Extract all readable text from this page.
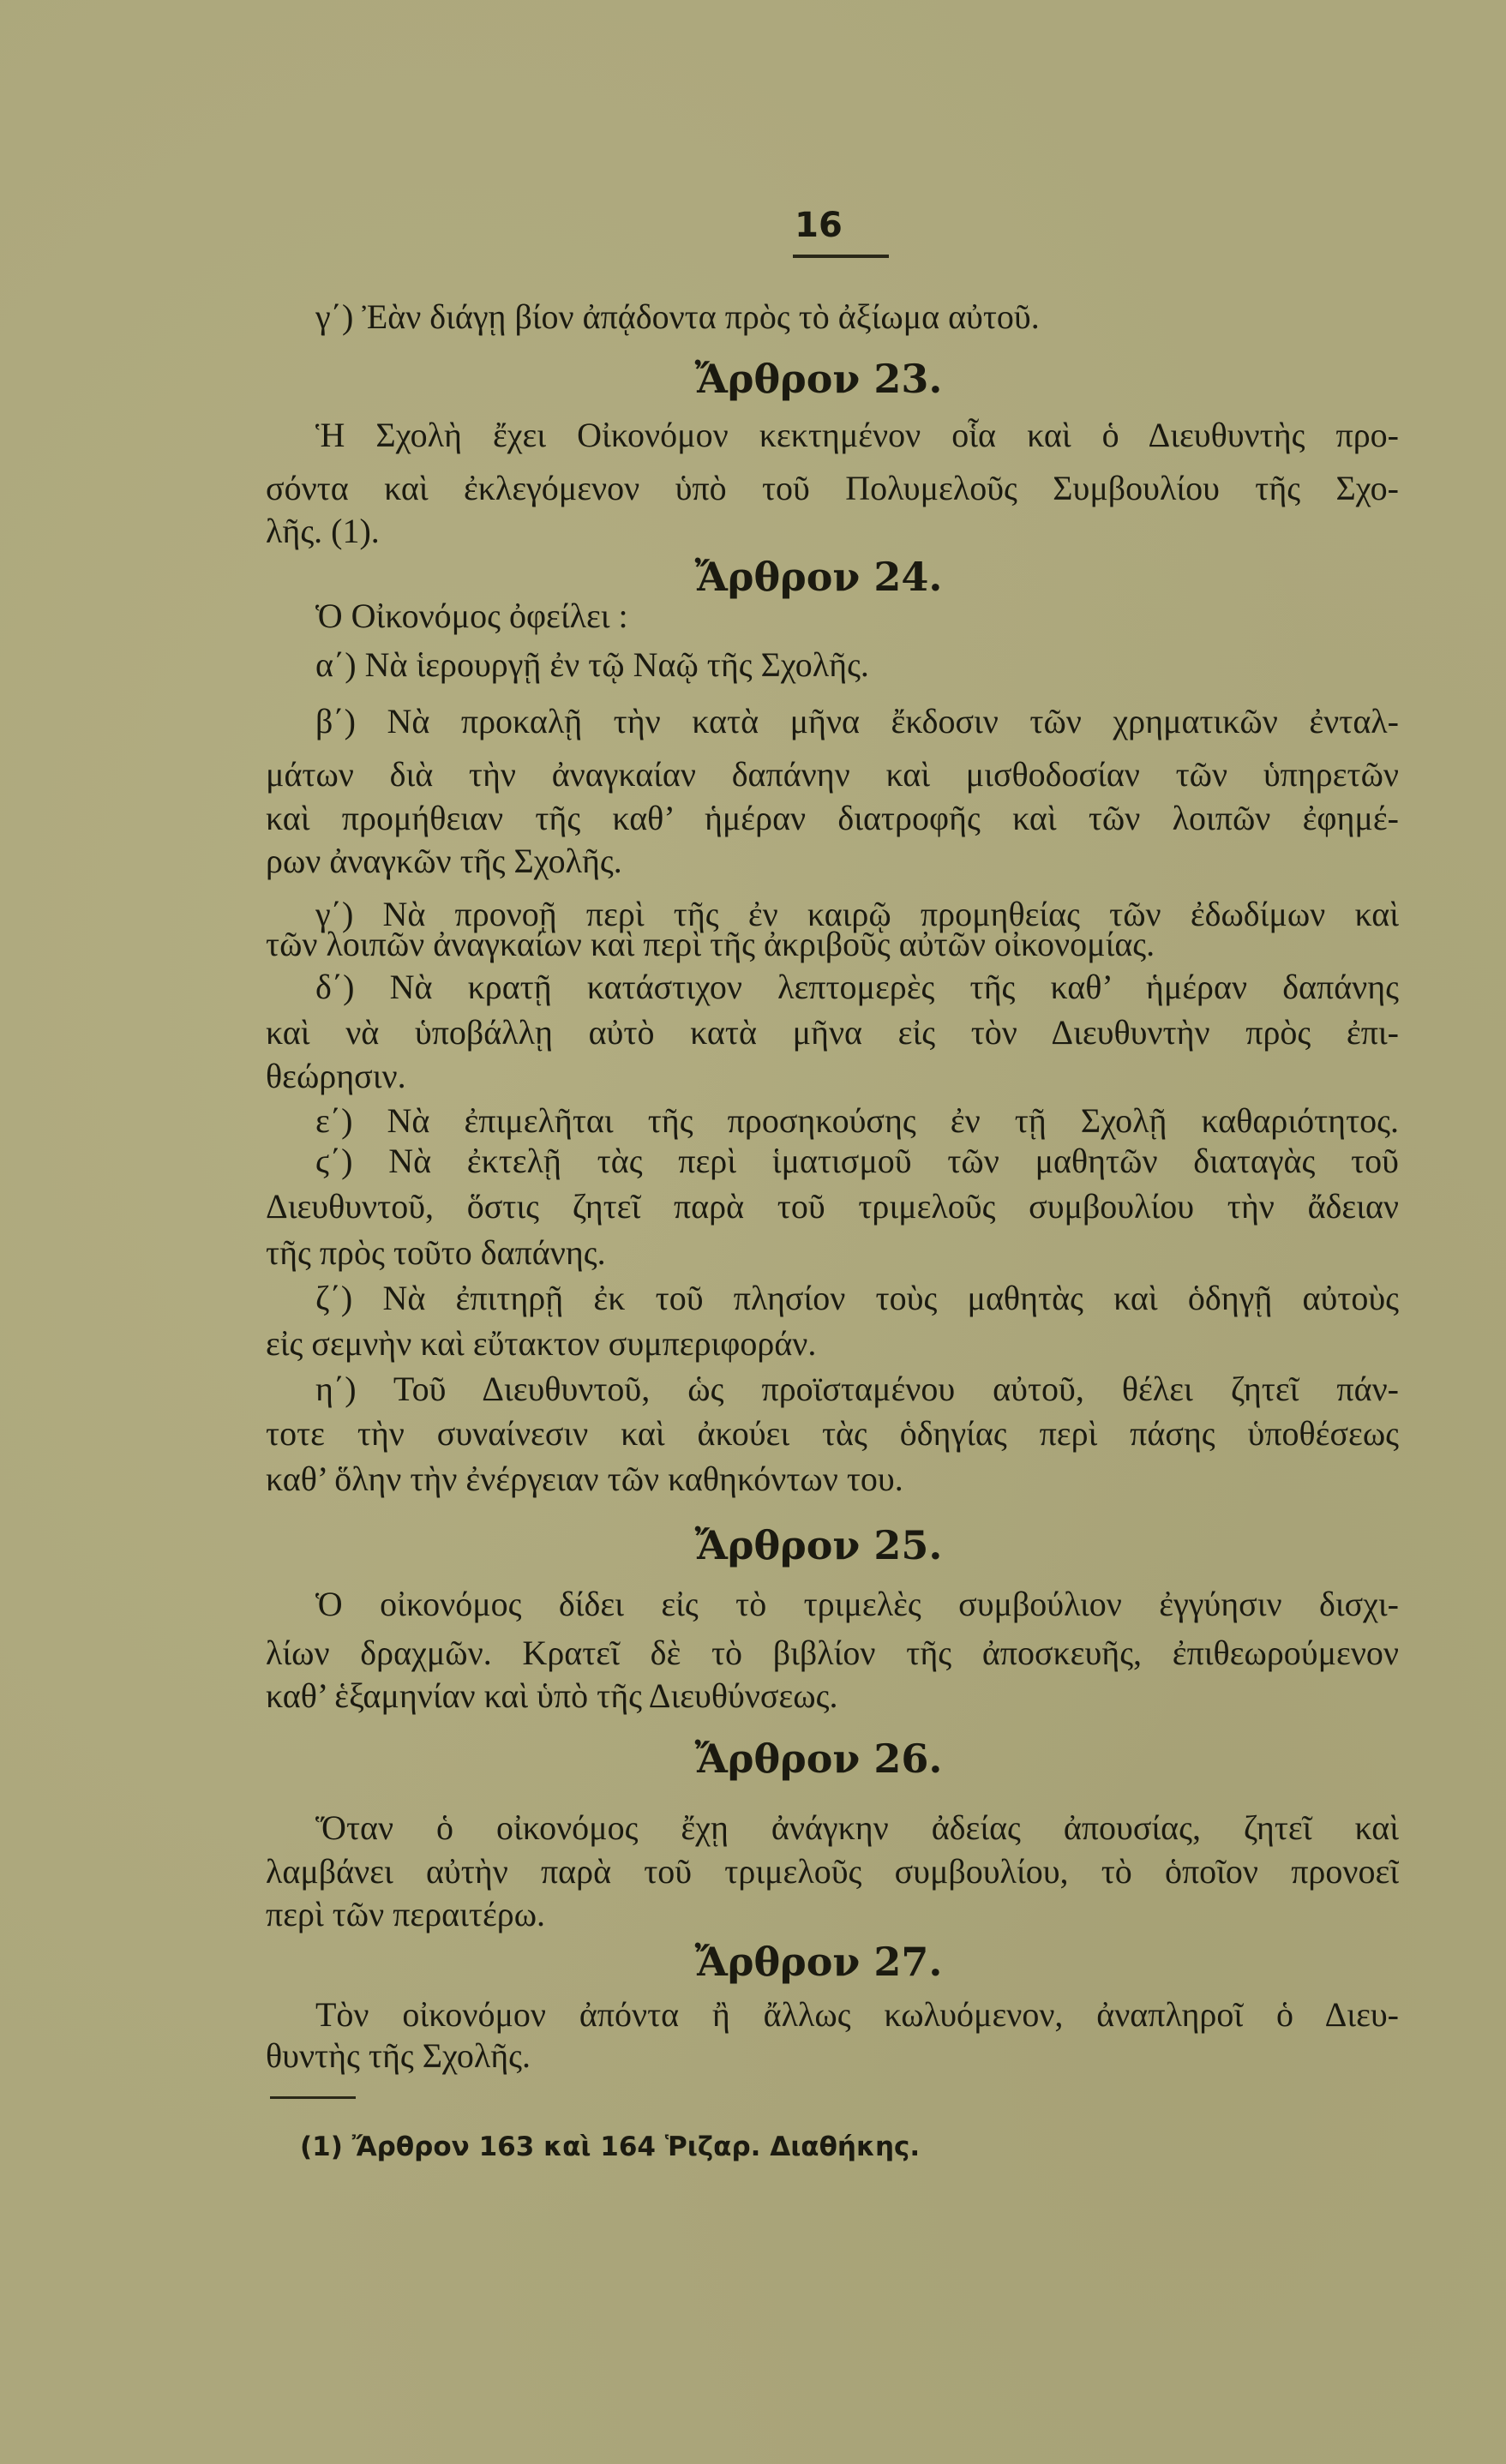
16
γ΄) Ἐὰν διάγῃ βίον ἀπᾴδοντα πρὸς τὸ ἀξίωμα αὐτοῦ.
Ἄρθρον 23.
Ἡ Σχολὴ ἔχει Οἰκονόμον κεκτημένον οἷα καὶ ὁ Διευθυντὴς προ-
σόντα καὶ ἐκλεγόμενον ὑπὸ τοῦ Πολυμελοῦς Συμβουλίου τῆς Σχο-
λῆς. (1).
Ἄρθρον 24.
Ὁ Οἰκονόμος ὀφείλει :
α΄) Νὰ ἱερουργῇ ἐν τῷ Ναῷ τῆς Σχολῆς.
β΄) Νὰ προκαλῇ τὴν κατὰ μῆνα ἔκδοσιν τῶν χρηματικῶν ἐνταλ-
μάτων διὰ τὴν ἀναγκαίαν δαπάνην καὶ μισθοδοσίαν τῶν ὑπηρετῶν
καὶ προμήθειαν τῆς καθ’ ἡμέραν διατροφῆς καὶ τῶν λοιπῶν ἐφημέ-
ρων ἀναγκῶν τῆς Σχολῆς.
γ΄) Νὰ προνοῇ περὶ τῆς ἐν καιρῷ προμηθείας τῶν ἐδωδίμων καὶ
τῶν λοιπῶν ἀναγκαίων καὶ περὶ τῆς ἀκριβοῦς αὐτῶν οἰκονομίας.
δ΄) Νὰ κρατῇ κατάστιχον λεπτομερὲς τῆς καθ’ ἡμέραν δαπάνης
καὶ νὰ ὑποβάλλῃ αὐτὸ κατὰ μῆνα εἰς τὸν Διευθυντὴν πρὸς ἐπι-
θεώρησιν.
ε΄) Νὰ ἐπιμελῆται τῆς προσηκούσης ἐν τῇ Σχολῇ καθαριότητος.
ϛ΄) Νὰ ἐκτελῇ τὰς περὶ ἱματισμοῦ τῶν μαθητῶν διαταγὰς τοῦ
Διευθυντοῦ, ὅστις ζητεῖ παρὰ τοῦ τριμελοῦς συμβουλίου τὴν ἄδειαν
τῆς πρὸς τοῦτο δαπάνης.
ζ΄) Νὰ ἐπιτηρῇ ἐκ τοῦ πλησίον τοὺς μαθητὰς καὶ ὁδηγῇ αὐτοὺς
εἰς σεμνὴν καὶ εὔτακτον συμπεριφοράν.
η΄) Τοῦ Διευθυντοῦ, ὡς προϊσταμένου αὐτοῦ, θέλει ζητεῖ πάν-
τοτε τὴν συναίνεσιν καὶ ἀκούει τὰς ὁδηγίας περὶ πάσης ὑποθέσεως
καθ’ ὅλην τὴν ἐνέργειαν τῶν καθηκόντων του.
Ἄρθρον 25.
Ὁ οἰκονόμος δίδει εἰς τὸ τριμελὲς συμβούλιον ἐγγύησιν δισχι-
λίων δραχμῶν. Κρατεῖ δὲ τὸ βιβλίον τῆς ἀποσκευῆς, ἐπιθεωρούμενον
καθ’ ἑξαμηνίαν καὶ ὑπὸ τῆς Διευθύνσεως.
Ἄρθρον 26.
Ὅταν ὁ οἰκονόμος ἔχῃ ἀνάγκην ἀδείας ἀπουσίας, ζητεῖ καὶ
λαμβάνει αὐτὴν παρὰ τοῦ τριμελοῦς συμβουλίου, τὸ ὁποῖον προνοεῖ
περὶ τῶν περαιτέρω.
Ἄρθρον 27.
Τὸν οἰκονόμον ἀπόντα ἢ ἄλλως κωλυόμενον, ἀναπληροῖ ὁ Διευ-
θυντὴς τῆς Σχολῆς.
(1) Ἄρθρον 163 καὶ 164 Ῥιζαρ. Διαθήκης.
